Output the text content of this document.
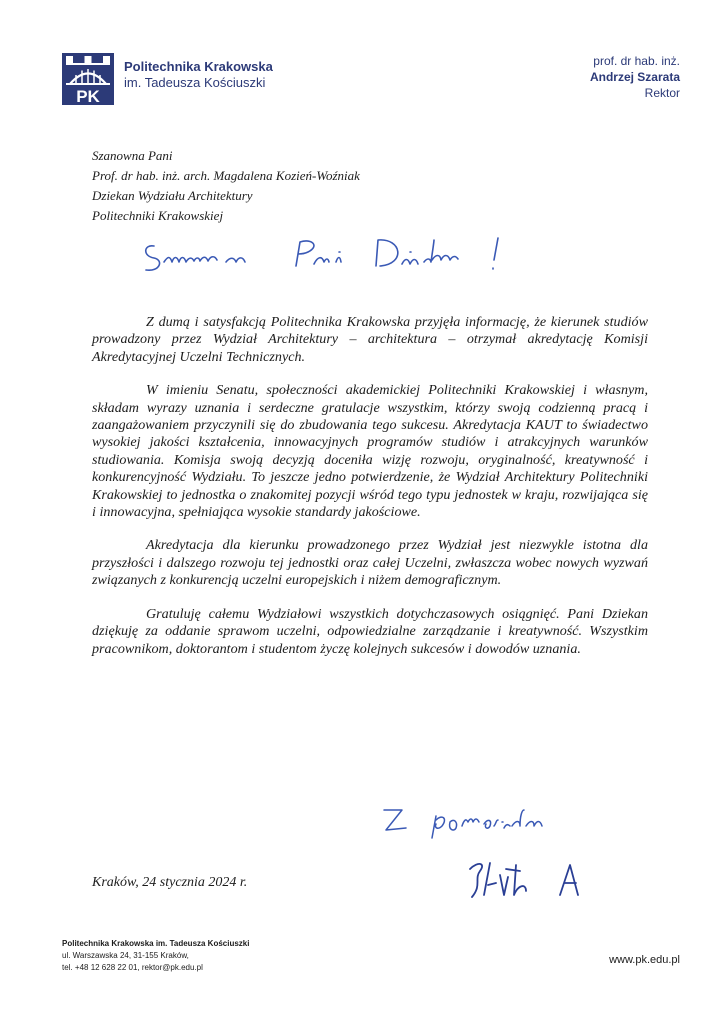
PK
Politechnika Krakowska
im. Tadeusza Kościuszki
prof. dr hab. inż.
Andrzej Szarata
Rektor
Szanowna Pani
Prof. dr hab. inż. arch. Magdalena Kozień-Woźniak
Dziekan Wydziału Architektury
Politechniki Krakowskiej

Z dumą i satysfakcją Politechnika Krakowska przyjęła informację, że kierunek studiów prowadzony przez Wydział Architektury – architektura – otrzymał akredytację Komisji Akredytacyjnej Uczelni Technicznych.

W imieniu Senatu, społeczności akademickiej Politechniki Krakowskiej i własnym, składam wyrazy uznania i serdeczne gratulacje wszystkim, którzy swoją codzienną pracą i zaangażowaniem przyczynili się do zbudowania tego sukcesu. Akredytacja KAUT to świadectwo wysokiej jakości kształcenia, innowacyjnych programów studiów i atrakcyjnych warunków studiowania. Komisja swoją decyzją doceniła wizję rozwoju, oryginalność, kreatywność i konkurencyjność Wydziału. To jeszcze jedno potwierdzenie, że Wydział Architektury Politechniki Krakowskiej to jednostka o znakomitej pozycji wśród tego typu jednostek w kraju, rozwijająca się i innowacyjna, spełniająca wysokie standardy jakościowe.

Akredytacja dla kierunku prowadzonego przez Wydział jest niezwykle istotna dla przyszłości i dalszego rozwoju tej jednostki oraz całej Uczelni, zwłaszcza wobec nowych wyzwań związanych z konkurencją uczelni europejskich i niżem demograficznym.

Gratuluję całemu Wydziałowi wszystkich dotychczasowych osiągnięć. Pani Dziekan dziękuję za oddanie sprawom uczelni, odpowiedzialne zarządzanie i kreatywność. Wszystkim pracownikom, doktorantom i studentom życzę kolejnych sukcesów i dowodów uznania.

Kraków, 24 stycznia 2024 r.
Politechnika Krakowska im. Tadeusza Kościuszki
ul. Warszawska 24, 31-155 Kraków,
tel. +48 12 628 22 01, rektor@pk.edu.pl
www.pk.edu.pl
